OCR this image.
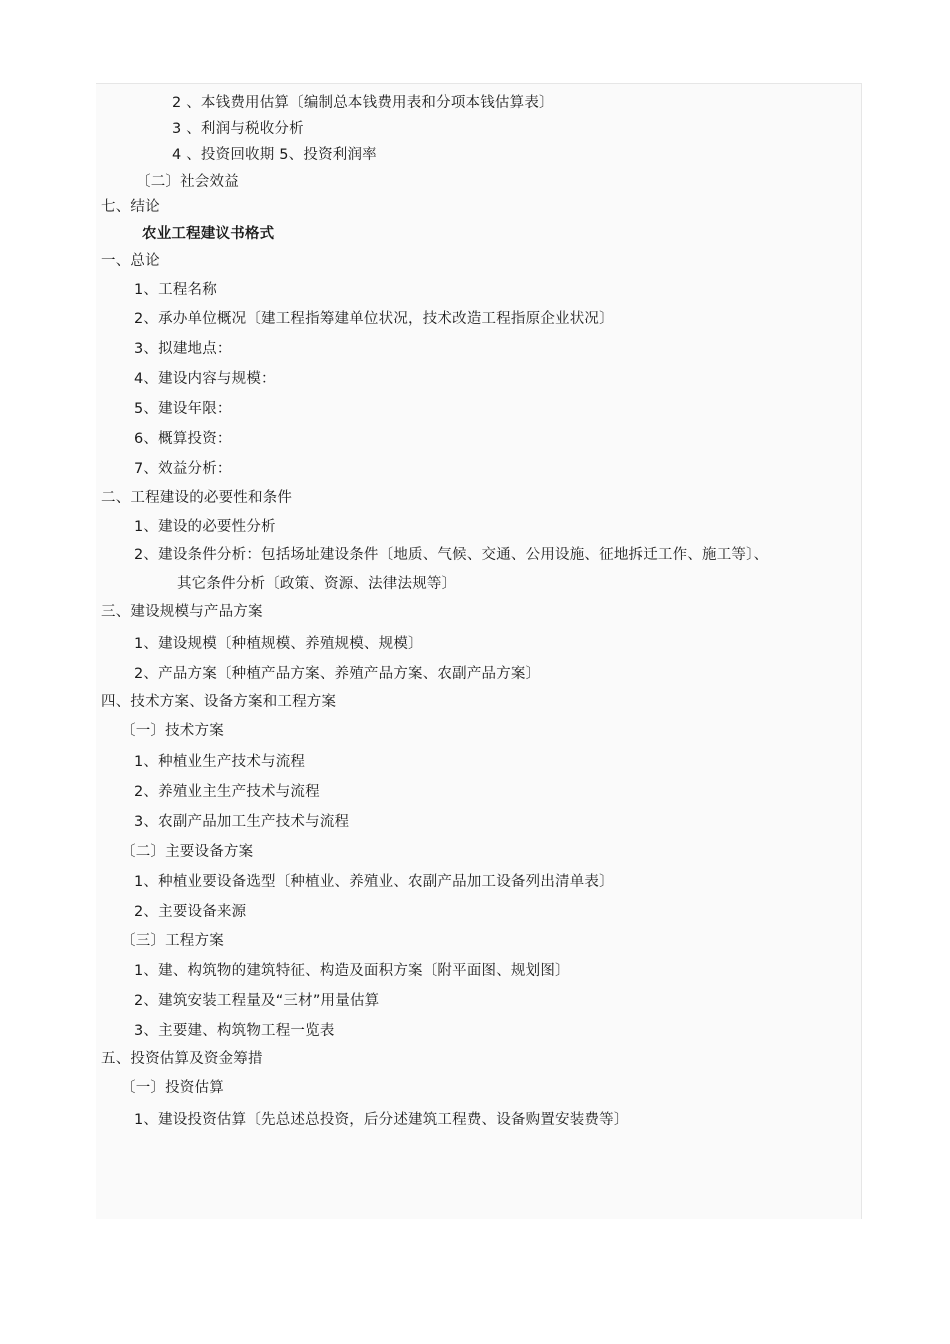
2 、本钱费用估算〔编制总本钱费用表和分项本钱估算表〕
3 、利润与税收分析
4 、投资回收期 5、投资利润率
〔二〕社会效益
七、结论
农业工程建议书格式
一、总论
1、工程名称
2、承办单位概况〔建工程指筹建单位状况，技术改造工程指原企业状况〕
3、拟建地点：
4、建设内容与规模：
5、建设年限：
6、概算投资：
7、效益分析：
二、工程建设的必要性和条件
1、建设的必要性分析
2、建设条件分析：包括场址建设条件〔地质、气候、交通、公用设施、征地拆迁工作、施工等〕、
其它条件分析〔政策、资源、法律法规等〕
三、建设规模与产品方案
1、建设规模〔种植规模、养殖规模、规模〕
2、产品方案〔种植产品方案、养殖产品方案、农副产品方案〕
四、技术方案、设备方案和工程方案
〔一〕技术方案
1、种植业生产技术与流程
2、养殖业主生产技术与流程
3、农副产品加工生产技术与流程
〔二〕主要设备方案
1、种植业要设备选型〔种植业、养殖业、农副产品加工设备列出清单表〕
2、主要设备来源
〔三〕工程方案
1、建、构筑物的建筑特征、构造及面积方案〔附平面图、规划图〕
2、建筑安装工程量及“三材”用量估算
3、主要建、构筑物工程一览表
五、投资估算及资金筹措
〔一〕投资估算
1、建设投资估算〔先总述总投资，后分述建筑工程费、设备购置安装费等〕
